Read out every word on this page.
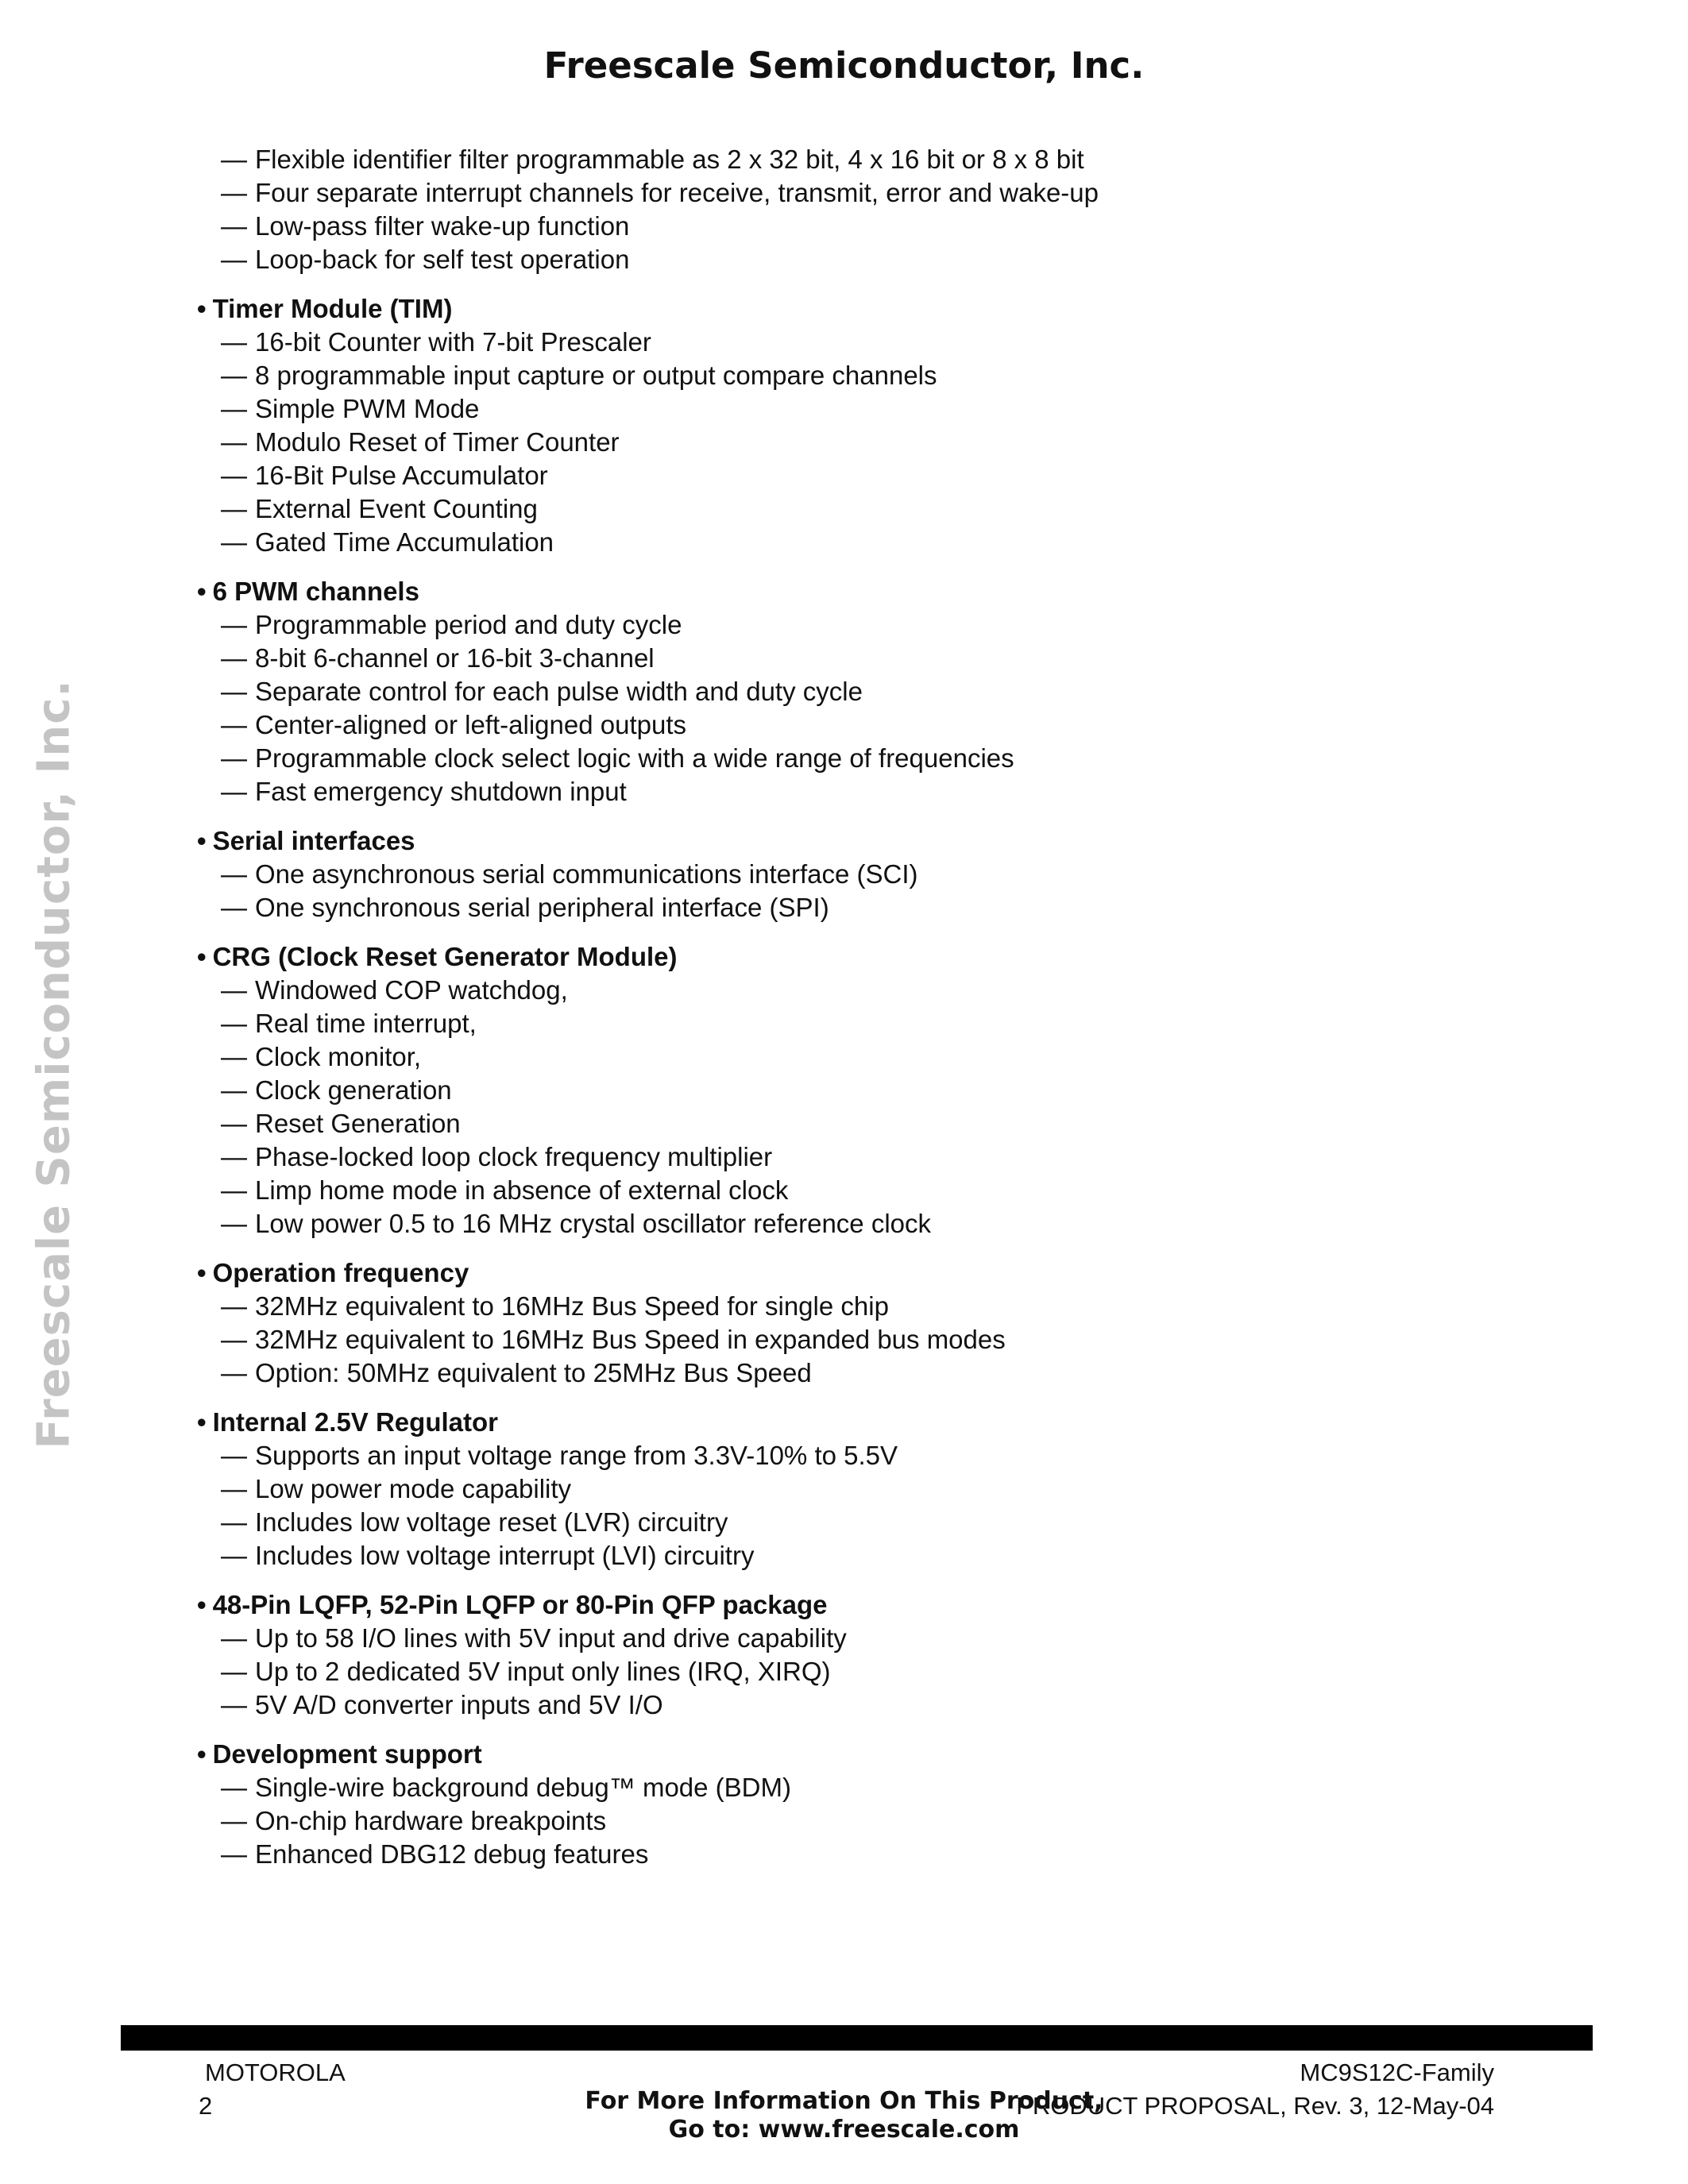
Freescale Semiconductor, Inc.
Freescale Semiconductor, Inc.
— Flexible identifier filter programmable as 2 x 32 bit, 4 x 16 bit or 8 x 8 bit
— Four separate interrupt channels for receive, transmit, error and wake-up
— Low-pass filter wake-up function
— Loop-back for self test operation
• Timer Module (TIM)
— 16-bit Counter with 7-bit Prescaler
— 8 programmable input capture or output compare channels
— Simple PWM Mode
— Modulo Reset of Timer Counter
— 16-Bit Pulse Accumulator
— External Event Counting
— Gated Time Accumulation
• 6 PWM channels
— Programmable period and duty cycle
— 8-bit 6-channel or 16-bit 3-channel
— Separate control for each pulse width and duty cycle
— Center-aligned or left-aligned outputs
— Programmable clock select logic with a wide range of frequencies
— Fast emergency shutdown input
• Serial interfaces
— One asynchronous serial communications interface (SCI)
— One synchronous serial peripheral interface (SPI)
• CRG (Clock Reset Generator Module)
— Windowed COP watchdog,
— Real time interrupt,
— Clock monitor,
— Clock generation
— Reset Generation
— Phase-locked loop clock frequency multiplier
— Limp home mode in absence of external clock
— Low power 0.5 to 16 MHz crystal oscillator reference clock
• Operation frequency
— 32MHz equivalent to 16MHz Bus Speed for single chip
— 32MHz equivalent to 16MHz Bus Speed in expanded bus modes
— Option: 50MHz equivalent to 25MHz Bus Speed
• Internal 2.5V Regulator
— Supports an input voltage range from 3.3V-10% to 5.5V
— Low power mode capability
— Includes low voltage reset (LVR) circuitry
— Includes low voltage interrupt (LVI) circuitry
• 48-Pin LQFP, 52-Pin LQFP or 80-Pin QFP package
— Up to 58 I/O lines with 5V input and drive capability
— Up to 2 dedicated 5V input only lines (IRQ, XIRQ)
— 5V A/D converter inputs and 5V I/O
• Development support
— Single-wire background debug™ mode (BDM)
— On-chip hardware breakpoints
— Enhanced DBG12 debug features
MOTOROLA
2
MC9S12C-Family
PRODUCT PROPOSAL, Rev. 3, 12-May-04
For More Information On This Product,
Go to: www.freescale.com
